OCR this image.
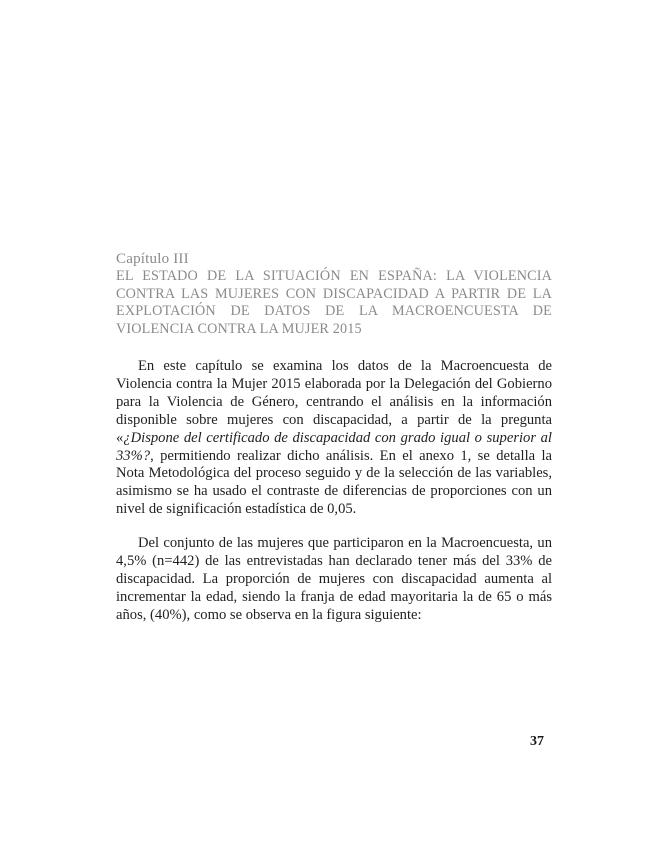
Capítulo III
EL ESTADO DE LA SITUACIÓN EN ESPAÑA: LA VIOLENCIA CONTRA LAS MUJERES CON DISCAPACIDAD A PARTIR DE LA EXPLOTACIÓN DE DATOS DE LA MACROENCUESTA DE VIOLENCIA CONTRA LA MUJER 2015

En este capítulo se examina los datos de la Macroencuesta de Violencia contra la Mujer 2015 elaborada por la Delegación del Gobierno para la Violencia de Género, centrando el análisis en la información disponible sobre mujeres con discapacidad, a partir de la pregunta «¿Dispone del certificado de discapacidad con grado igual o superior al 33%?, permitiendo realizar dicho análisis. En el anexo 1, se detalla la Nota Metodológica del proceso seguido y de la selección de las variables, asimismo se ha usado el contraste de diferencias de proporciones con un nivel de significación estadística de 0,05.

Del conjunto de las mujeres que participaron en la Macroencuesta, un 4,5% (n=442) de las entrevistadas han declarado tener más del 33% de discapacidad. La proporción de mujeres con discapacidad aumenta al incrementar la edad, siendo la franja de edad mayoritaria la de 65 o más años, (40%), como se observa en la figura siguiente:

37
